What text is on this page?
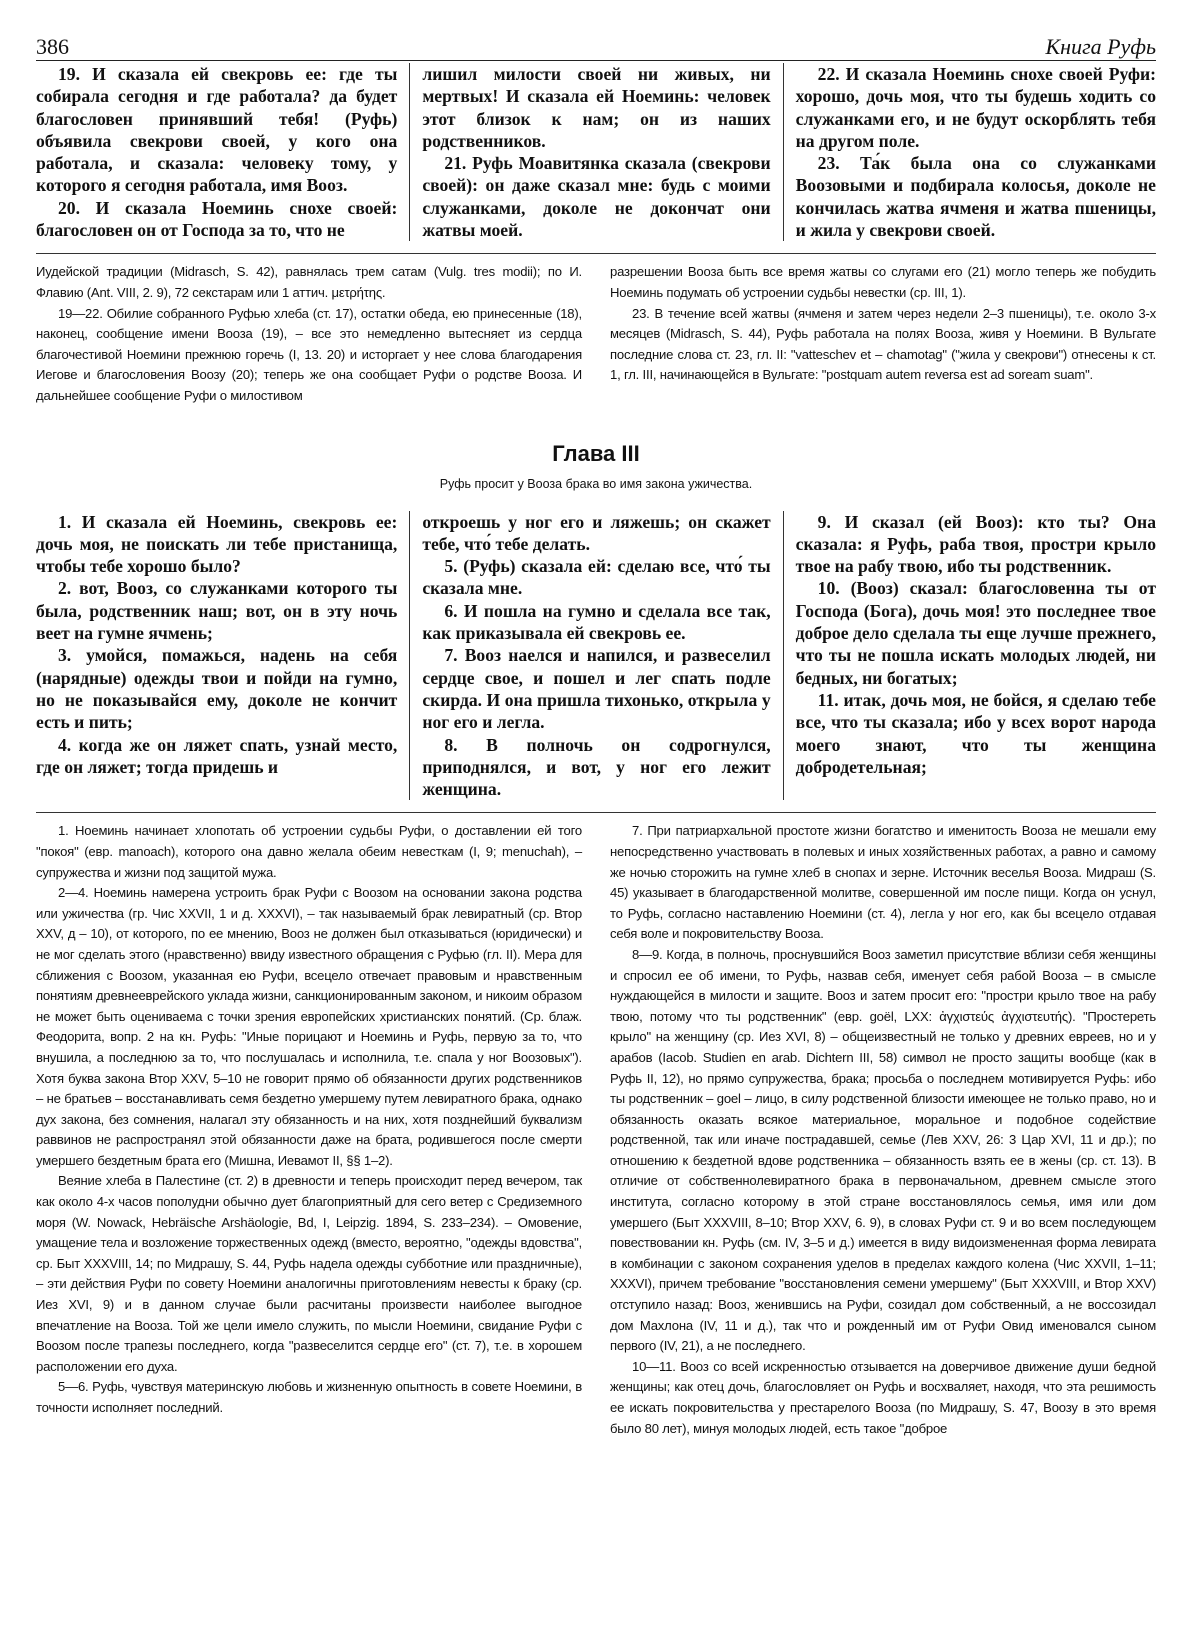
386	Книга Руфь

19. И сказала ей свекровь ее: где ты собирала сегодня и где работала? да будет благословен принявший тебя! (Руфь) объявила свекрови своей, у кого она работала, и сказала: человеку тому, у которого я сегодня работала, имя Вооз.

20. И сказала Ноеминь снохе своей: благословен он от Господа за то, что не

лишил милости своей ни живых, ни мертвых! И сказала ей Ноеминь: человек этот близок к нам; он из наших родственников.

21. Руфь Моавитянка сказала (свекрови своей): он даже сказал мне: будь с моими служанками, доколе не докончат они жатвы моей.

22. И сказала Ноеминь снохе своей Руфи: хорошо, дочь моя, что ты будешь ходить со служанками его, и не будут оскорблять тебя на другом поле.

23. Та́к была она со служанками Воозовыми и подбирала колосья, доколе не кончилась жатва ячменя и жатва пшеницы, и жила у свекрови своей.

Иудейской традиции (Midrasch, S. 42), равнялась трем сатам (Vulg. tres modii); по И. Флавию (Ant. VIII, 2. 9), 72 секстарам или 1 аттич. μετρήτης.

19—22. Обилие собранного Руфью хлеба (ст. 17), остатки обеда, ею принесенные (18), наконец, сообщение имени Вооза (19), – все это немедленно вытесняет из сердца благочестивой Ноемини прежнюю горечь (I, 13. 20) и исторгает у нее слова благодарения Иегове и благословения Воозу (20); теперь же она сообщает Руфи о родстве Вооза. И дальнейшее сообщение Руфи о милостивом

разрешении Вооза быть все время жатвы со слугами его (21) могло теперь же побудить Ноеминь подумать об устроении судьбы невестки (ср. III, 1).

23. В течение всей жатвы (ячменя и затем через недели 2–3 пшеницы), т.е. около 3-х месяцев (Midrasch, S. 44), Руфь работала на полях Вооза, живя у Ноемини. В Вульгате последние слова ст. 23, гл. II: "vatteschev et – chamotag" ("жила у свекрови") отнесены к ст. 1, гл. III, начинающейся в Вульгате: "postquam autem reversa est ad soream suam".

Глава III
Руфь просит у Вооза брака во имя закона ужичества.

1. И сказала ей Ноеминь, свекровь ее: дочь моя, не поискать ли тебе пристанища, чтобы тебе хорошо было?

2. вот, Вооз, со служанками которого ты была, родственник наш; вот, он в эту ночь веет на гумне ячмень;

3. умойся, помажься, надень на себя (нарядные) одежды твои и пойди на гумно, но не показывайся ему, доколе не кончит есть и пить;

4. когда же он ляжет спать, узнай место, где он ляжет; тогда придешь и

откроешь у ног его и ляжешь; он скажет тебе, что́ тебе делать.

5. (Руфь) сказала ей: сделаю все, что́ ты сказала мне.

6. И пошла на гумно и сделала все так, как приказывала ей свекровь ее.

7. Вооз наелся и напился, и развеселил сердце свое, и пошел и лег спать подле скирда. И она пришла тихонько, открыла у ног его и легла.

8. В полночь он содрогнулся, приподнялся, и вот, у ног его лежит женщина.

9. И сказал (ей Вооз): кто ты? Она сказала: я Руфь, раба твоя, простри крыло твое на рабу твою, ибо ты родственник.

10. (Вооз) сказал: благословенна ты от Господа (Бога), дочь моя! это последнее твое доброе дело сделала ты еще лучше прежнего, что ты не пошла искать молодых людей, ни бедных, ни богатых;

11. итак, дочь моя, не бойся, я сделаю тебе все, что ты сказала; ибо у всех ворот народа моего знают, что ты женщина добродетельная;

1. Ноеминь начинает хлопотать об устроении судьбы Руфи, о доставлении ей того "покоя" (евр. manoach), которого она давно желала обеим невесткам (I, 9; menuchah), – супружества и жизни под защитой мужа.

2—4. Ноеминь намерена устроить брак Руфи с Воозом на основании закона родства или ужичества (гр. Чис XXVII, 1 и д. XXXVI), – так называемый брак левиратный (ср. Втор XXV, д – 10), от которого, по ее мнению, Вооз не должен был отказываться (юридически) и не мог сделать этого (нравственно) ввиду известного обращения с Руфью (гл. II). Мера для сближения с Воозом, указанная ею Руфи, всецело отвечает правовым и нравственным понятиям древнееврейского уклада жизни, санкционированным законом, и никоим образом не может быть оцениваема с точки зрения европейских христианских понятий. (Ср. блаж. Феодорита, вопр. 2 на кн. Руфь: "Иные порицают и Ноеминь и Руфь, первую за то, что внушила, а последнюю за то, что послушалась и исполнила, т.е. спала у ног Воозовых"). Хотя буква закона Втор XXV, 5–10 не говорит прямо об обязанности других родственников – не братьев – восстанавливать семя бездетно умершему путем левиратного брака, однако дух закона, без сомнения, налагал эту обязанность и на них, хотя позднейший буквализм раввинов не распространял этой обязанности даже на брата, родившегося после смерти умершего бездетным брата его (Мишна, Иевамот II, §§ 1–2).

Веяние хлеба в Палестине (ст. 2) в древности и теперь происходит перед вечером, так как около 4-х часов пополудни обычно дует благоприятный для сего ветер с Средиземного моря (W. Nowack, Hebräische Arshäologie, Bd, I, Leipzig. 1894, S. 233–234). – Омовение, умащение тела и возложение торжественных одежд (вместо, вероятно, "одежды вдовства", ср. Быт XXXVIII, 14; по Мидрашу, S. 44, Руфь надела одежды субботние или праздничные), – эти действия Руфи по совету Ноемини аналогичны приготовлениям невесты к браку (ср. Иез XVI, 9) и в данном случае были расчитаны произвести наиболее выгодное впечатление на Вооза. Той же цели имело служить, по мысли Ноемини, свидание Руфи с Воозом после трапезы последнего, когда "развеселится сердце его" (ст. 7), т.е. в хорошем расположении его духа.

5—6. Руфь, чувствуя материнскую любовь и жизненную опытность в совете Ноемини, в точности исполняет последний.

7. При патриархальной простоте жизни богатство и именитость Вооза не мешали ему непосредственно участвовать в полевых и иных хозяйственных работах, а равно и самому же ночью сторожить на гумне хлеб в снопах и зерне. Источник веселья Вооза. Мидраш (S. 45) указывает в благодарственной молитве, совершенной им после пищи. Когда он уснул, то Руфь, согласно наставлению Ноемини (ст. 4), легла у ног его, как бы всецело отдавая себя воле и покровительству Вооза.

8—9. Когда, в полночь, проснувшийся Вооз заметил присутствие вблизи себя женщины и спросил ее об имени, то Руфь, назвав себя, именует себя рабой Вооза – в смысле нуждающейся в милости и защите. Вооз и затем просит его: "простри крыло твое на рабу твою, потому что ты родственник" (евр. goël, LXX: ἀγχιστεύς ἀγχιστευτής). "Простереть крыло" на женщину (ср. Иез XVI, 8) – общеизвестный не только у древних евреев, но и у арабов (Iacob. Studien en arab. Dichtern III, 58) символ не просто защиты вообще (как в Руфь II, 12), но прямо супружества, брака; просьба о последнем мотивируется Руфь: ибо ты родственник – goel – лицо, в силу родственной близости имеющее не только право, но и обязанность оказать всякое материальное, моральное и подобное содействие родственной, так или иначе пострадавшей, семье (Лев XXV, 26: 3 Цар XVI, 11 и др.); по отношению к бездетной вдове родственника – обязанность взять ее в жены (ср. ст. 13). В отличие от собственнолевиратного брака в первоначальном, древнем смысле этого института, согласно которому в этой стране восстановлялось семья, имя или дом умершего (Быт XXXVIII, 8–10; Втор XXV, 6. 9), в словах Руфи ст. 9 и во всем последующем повествовании кн. Руфь (см. IV, 3–5 и д.) имеется в виду видоизмененная форма левирата в комбинации с законом сохранения уделов в пределах каждого колена (Чис XXVII, 1–11; XXXVI), причем требование "восстановления семени умершему" (Быт XXXVIII, и Втор XXV) отступило назад: Вооз, женившись на Руфи, созидал дом собственный, а не воссозидал дом Махлона (IV, 11 и д.), так что и рожденный им от Руфи Овид именовался сыном первого (IV, 21), а не последнего.

10—11. Вооз со всей искренностью отзывается на доверчивое движение души бедной женщины; как отец дочь, благословляет он Руфь и восхваляет, находя, что эта решимость ее искать покровительства у престарелого Вооза (по Мидрашу, S. 47, Воозу в это время было 80 лет), минуя молодых людей, есть такое "доброе
